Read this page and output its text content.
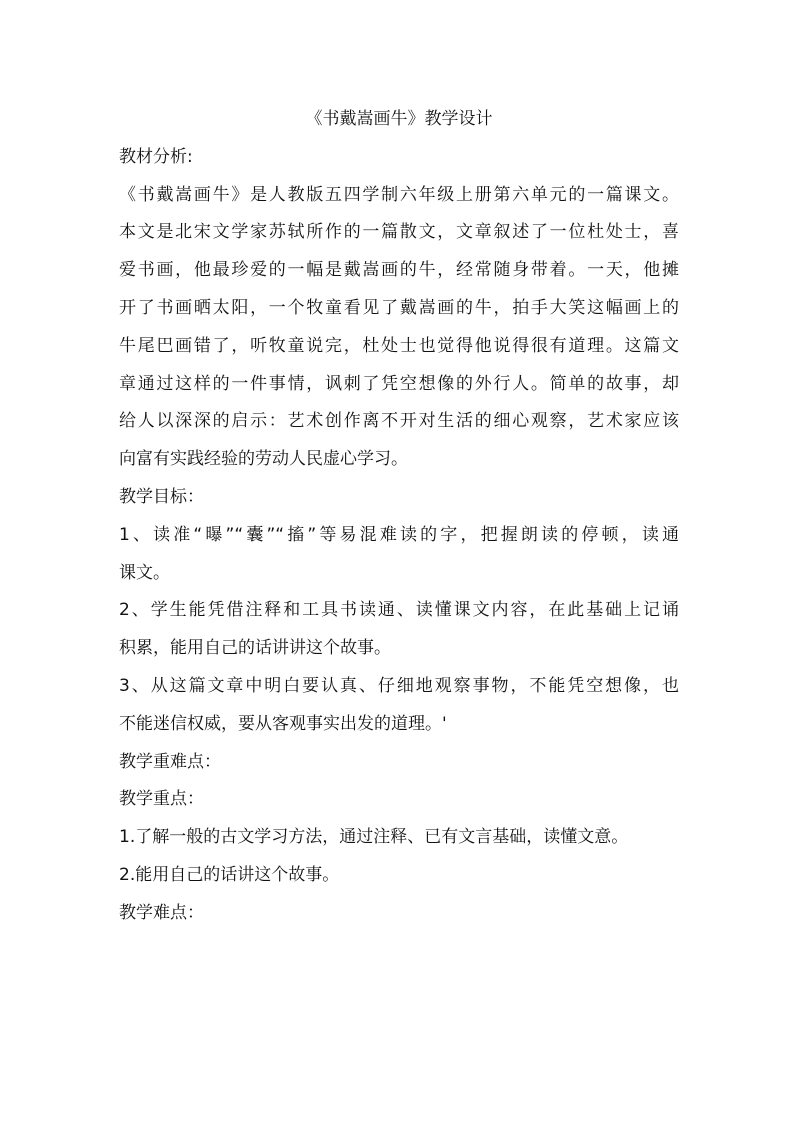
《书戴嵩画牛》教学设计
教材分析:
《书戴嵩画牛》是人教版五四学制六年级上册第六单元的一篇课文。
本文是北宋文学家苏轼所作的一篇散文，文章叙述了一位杜处士，喜
爱书画，他最珍爱的一幅是戴嵩画的牛，经常随身带着。一天，他摊
开了书画晒太阳，一个牧童看见了戴嵩画的牛，拍手大笑这幅画上的
牛尾巴画错了，听牧童说完，杜处士也觉得他说得很有道理。这篇文
章通过这样的一件事情，讽刺了凭空想像的外行人。简单的故事，却
给人以深深的启示：艺术创作离不开对生活的细心观察，艺术家应该
向富有实践经验的劳动人民虚心学习。
教学目标：
1、读准“曝”“囊”“搐”等易混难读的字，把握朗读的停顿，读通
课文。
2、学生能凭借注释和工具书读通、读懂课文内容，在此基础上记诵
积累，能用自己的话讲讲这个故事。
3、从这篇文章中明白要认真、仔细地观察事物，不能凭空想像，也
不能迷信权威，要从客观事实出发的道理。'
教学重难点：
教学重点：
1.了解一般的古文学习方法，通过注释、已有文言基础，读懂文意。
2.能用自己的话讲这个故事。
教学难点：
